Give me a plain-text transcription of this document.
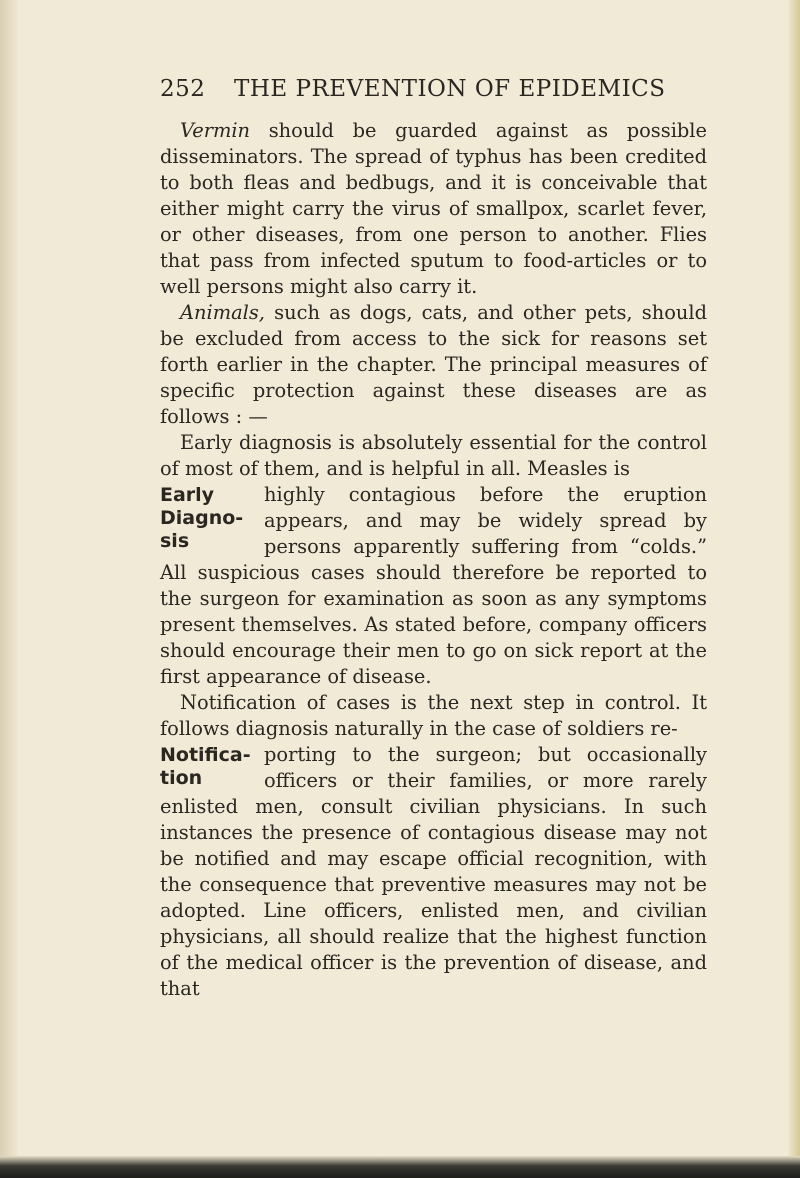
252	THE PREVENTION OF EPIDEMICS

Vermin should be guarded against as possible disseminators. The spread of typhus has been credited to both fleas and bedbugs, and it is conceivable that either might carry the virus of smallpox, scarlet fever, or other diseases, from one person to another. Flies that pass from infected sputum to food-articles or to well persons might also carry it.

Animals, such as dogs, cats, and other pets, should be excluded from access to the sick for reasons set forth earlier in the chapter. The principal measures of specific protection against these diseases are as follows : —

Early diagnosis is absolutely essential for the control of most of them, and is helpful in all. Measles is

Early Diagno-sis

highly contagious before the eruption appears, and may be widely spread by persons apparently suffering from “colds.” All suspicious cases should therefore be reported to the surgeon for examination as soon as any symptoms present themselves. As stated before, company officers should encourage their men to go on sick report at the first appearance of disease.

Notification of cases is the next step in control. It follows diagnosis naturally in the case of soldiers re-

Notifica-tion

porting to the surgeon; but occasionally officers or their families, or more rarely enlisted men, consult civilian physicians. In such instances the presence of contagious disease may not be notified and may escape official recognition, with the consequence that preventive measures may not be adopted. Line officers, enlisted men, and civilian physicians, all should realize that the highest function of the medical officer is the prevention of disease, and that
